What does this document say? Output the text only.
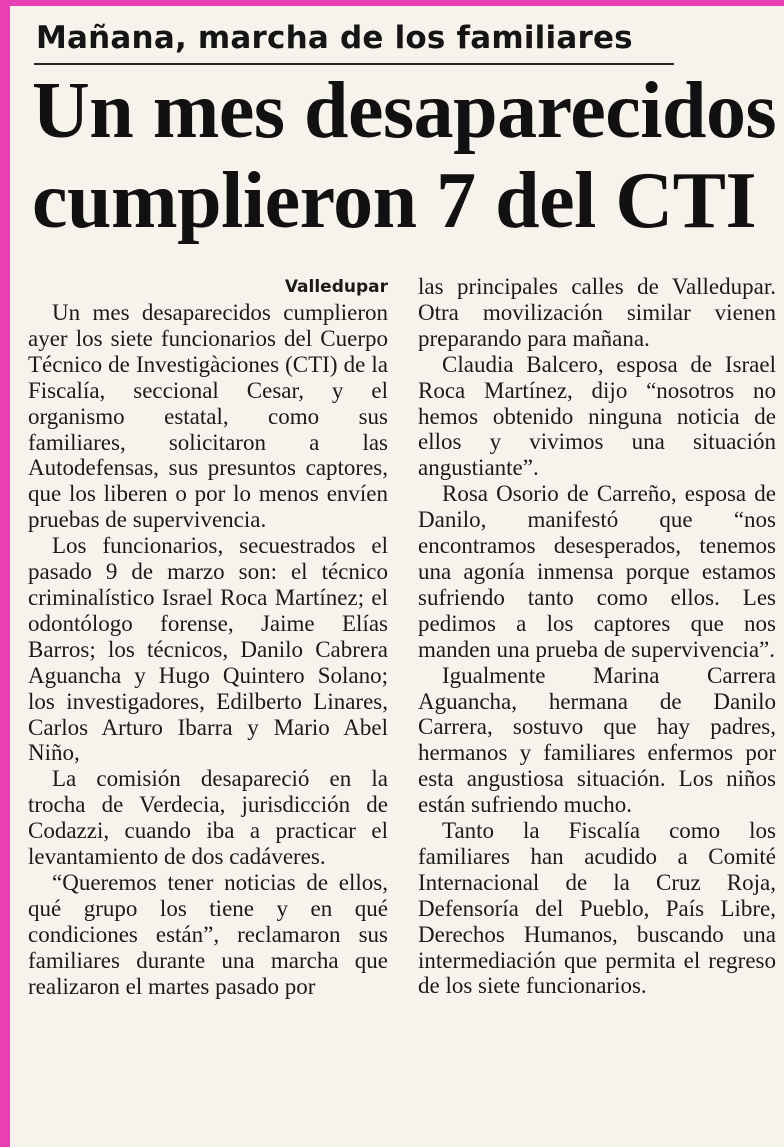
Mañana, marcha de los familiares
Un mes desaparecidos
cumplieron 7 del CTI
Valledupar

Un mes desaparecidos cumplieron ayer los siete funcionarios del Cuerpo Técnico de Investigàciones (CTI) de la Fiscalía, seccional Cesar, y el organismo estatal, como sus familiares, solicitaron a las Autodefensas, sus presuntos captores, que los liberen o por lo menos envíen pruebas de supervivencia.

Los funcionarios, secuestrados el pasado 9 de marzo son: el técnico criminalístico Israel Roca Martínez; el odontólogo forense, Jaime Elías Barros; los técnicos, Danilo Cabrera Aguancha y Hugo Quintero Solano; los investigadores, Edilberto Linares, Carlos Arturo Ibarra y Mario Abel Niño,

La comisión desapareció en la trocha de Verdecia, jurisdicción de Codazzi, cuando iba a practicar el levantamiento de dos cadáveres.

“Queremos tener noticias de ellos, qué grupo los tiene y en qué condiciones están”, reclamaron sus familiares durante una marcha que realizaron el martes pasado por

las principales calles de Valledupar. Otra movilización similar vienen preparando para mañana.

Claudia Balcero, esposa de Israel Roca Martínez, dijo “nosotros no hemos obtenido ninguna noticia de ellos y vivimos una situación angustiante”.

Rosa Osorio de Carreño, esposa de Danilo, manifestó que “nos encontramos desesperados, tenemos una agonía inmensa porque estamos sufriendo tanto como ellos. Les pedimos a los captores que nos manden una prueba de supervivencia”.

Igualmente Marina Carrera Aguancha, hermana de Danilo Carrera, sostuvo que hay padres, hermanos y familiares enfermos por esta angustiosa situación. Los niños están sufriendo mucho.

Tanto la Fiscalía como los familiares han acudido a Comité Internacional de la Cruz Roja, Defensoría del Pueblo, País Libre, Derechos Humanos, buscando una intermediación que permita el regreso de los siete funcionarios.
